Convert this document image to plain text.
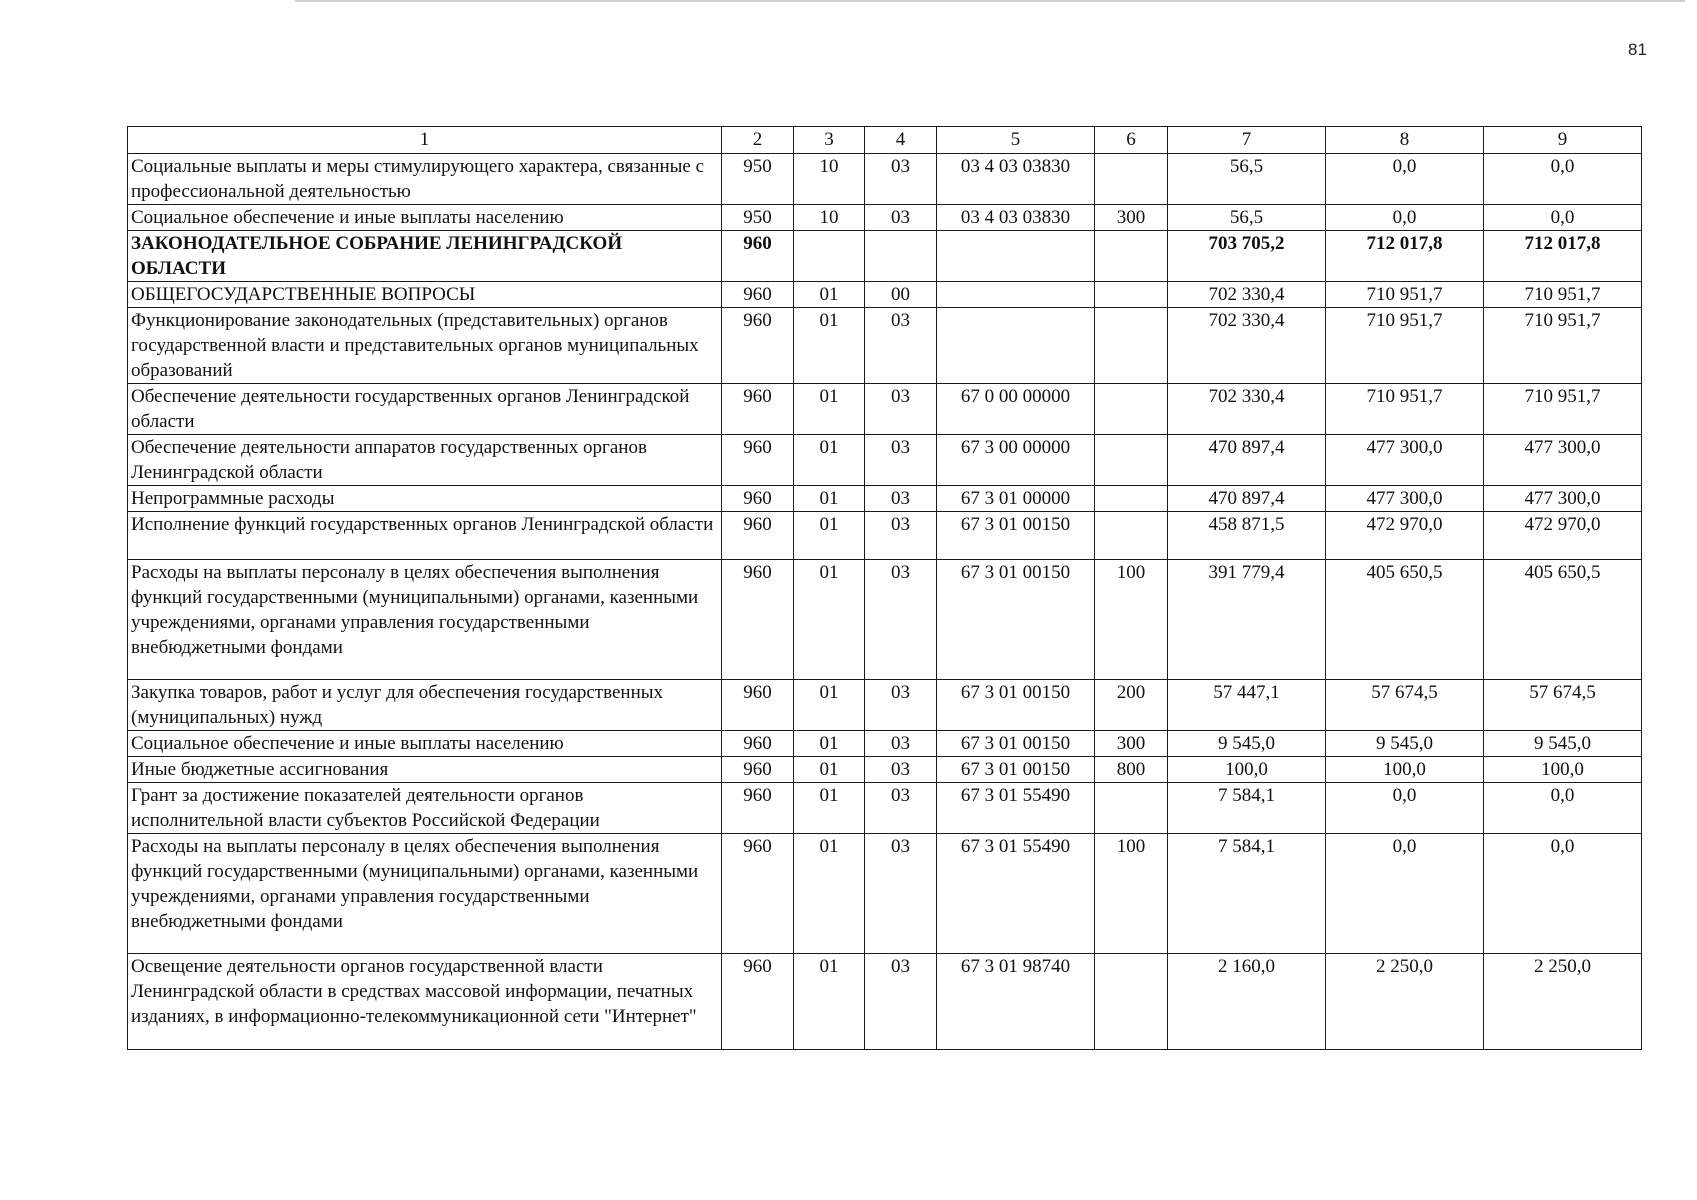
81
1	2	3	4	5	6	7	8	9
Социальные выплаты и меры стимулирующего характера, связанные с профессиональной деятельностью	950	10	03	03 4 03 03830		56,5	0,0	0,0
Социальное обеспечение и иные выплаты населению	950	10	03	03 4 03 03830	300	56,5	0,0	0,0
ЗАКОНОДАТЕЛЬНОЕ СОБРАНИЕ ЛЕНИНГРАДСКОЙ ОБЛАСТИ	960					703 705,2	712 017,8	712 017,8
ОБЩЕГОСУДАРСТВЕННЫЕ ВОПРОСЫ	960	01	00			702 330,4	710 951,7	710 951,7
Функционирование законодательных (представительных) органов государственной власти и представительных органов муниципальных образований	960	01	03			702 330,4	710 951,7	710 951,7
Обеспечение деятельности государственных органов Ленинградской области	960	01	03	67 0 00 00000		702 330,4	710 951,7	710 951,7
Обеспечение деятельности аппаратов государственных органов Ленинградской области	960	01	03	67 3 00 00000		470 897,4	477 300,0	477 300,0
Непрограммные расходы	960	01	03	67 3 01 00000		470 897,4	477 300,0	477 300,0
Исполнение функций государственных органов Ленинградской области	960	01	03	67 3 01 00150		458 871,5	472 970,0	472 970,0
Расходы на выплаты персоналу в целях обеспечения выполнения функций государственными (муниципальными) органами, казенными учреждениями, органами управления государственными внебюджетными фондами	960	01	03	67 3 01 00150	100	391 779,4	405 650,5	405 650,5
Закупка товаров, работ и услуг для обеспечения государственных (муниципальных) нужд	960	01	03	67 3 01 00150	200	57 447,1	57 674,5	57 674,5
Социальное обеспечение и иные выплаты населению	960	01	03	67 3 01 00150	300	9 545,0	9 545,0	9 545,0
Иные бюджетные ассигнования	960	01	03	67 3 01 00150	800	100,0	100,0	100,0
Грант за достижение показателей деятельности органов исполнительной власти субъектов Российской Федерации	960	01	03	67 3 01 55490		7 584,1	0,0	0,0
Расходы на выплаты персоналу в целях обеспечения выполнения функций государственными (муниципальными) органами, казенными учреждениями, органами управления государственными внебюджетными фондами	960	01	03	67 3 01 55490	100	7 584,1	0,0	0,0
Освещение деятельности органов государственной власти Ленинградской области в средствах массовой информации, печатных изданиях, в информационно-телекоммуникационной сети "Интернет"	960	01	03	67 3 01 98740		2 160,0	2 250,0	2 250,0
